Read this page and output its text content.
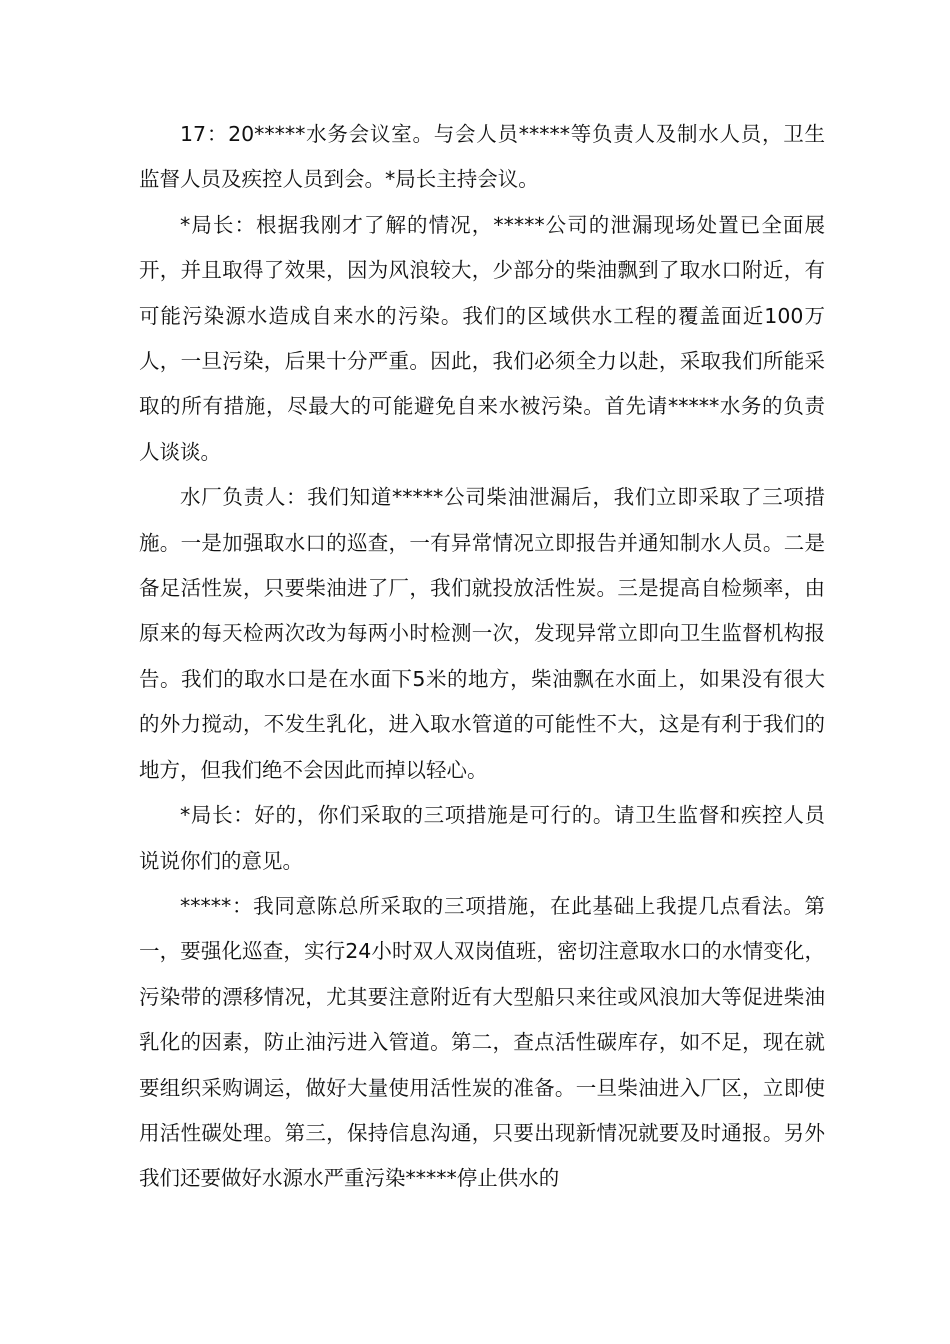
17：20*****水务会议室。与会人员*****等负责人及制水人员，卫生监督人员及疾控人员到会。*局长主持会议。

*局长：根据我刚才了解的情况，*****公司的泄漏现场处置已全面展开，并且取得了效果，因为风浪较大，少部分的柴油飘到了取水口附近，有可能污染源水造成自来水的污染。我们的区域供水工程的覆盖面近100万人，一旦污染，后果十分严重。因此，我们必须全力以赴，采取我们所能采取的所有措施，尽最大的可能避免自来水被污染。首先请*****水务的负责人谈谈。

水厂负责人：我们知道*****公司柴油泄漏后，我们立即采取了三项措施。一是加强取水口的巡查，一有异常情况立即报告并通知制水人员。二是备足活性炭，只要柴油进了厂，我们就投放活性炭。三是提高自检频率，由原来的每天检两次改为每两小时检测一次，发现异常立即向卫生监督机构报告。我们的取水口是在水面下5米的地方，柴油飘在水面上，如果没有很大的外力搅动，不发生乳化，进入取水管道的可能性不大，这是有利于我们的地方，但我们绝不会因此而掉以轻心。

*局长：好的，你们采取的三项措施是可行的。请卫生监督和疾控人员说说你们的意见。

*****：我同意陈总所采取的三项措施，在此基础上我提几点看法。第一，要强化巡查，实行24小时双人双岗值班，密切注意取水口的水情变化，污染带的漂移情况，尤其要注意附近有大型船只来往或风浪加大等促进柴油乳化的因素，防止油污进入管道。第二，查点活性碳库存，如不足，现在就要组织采购调运，做好大量使用活性炭的准备。一旦柴油进入厂区，立即使用活性碳处理。第三，保持信息沟通，只要出现新情况就要及时通报。另外我们还要做好水源水严重污染*****停止供水的
